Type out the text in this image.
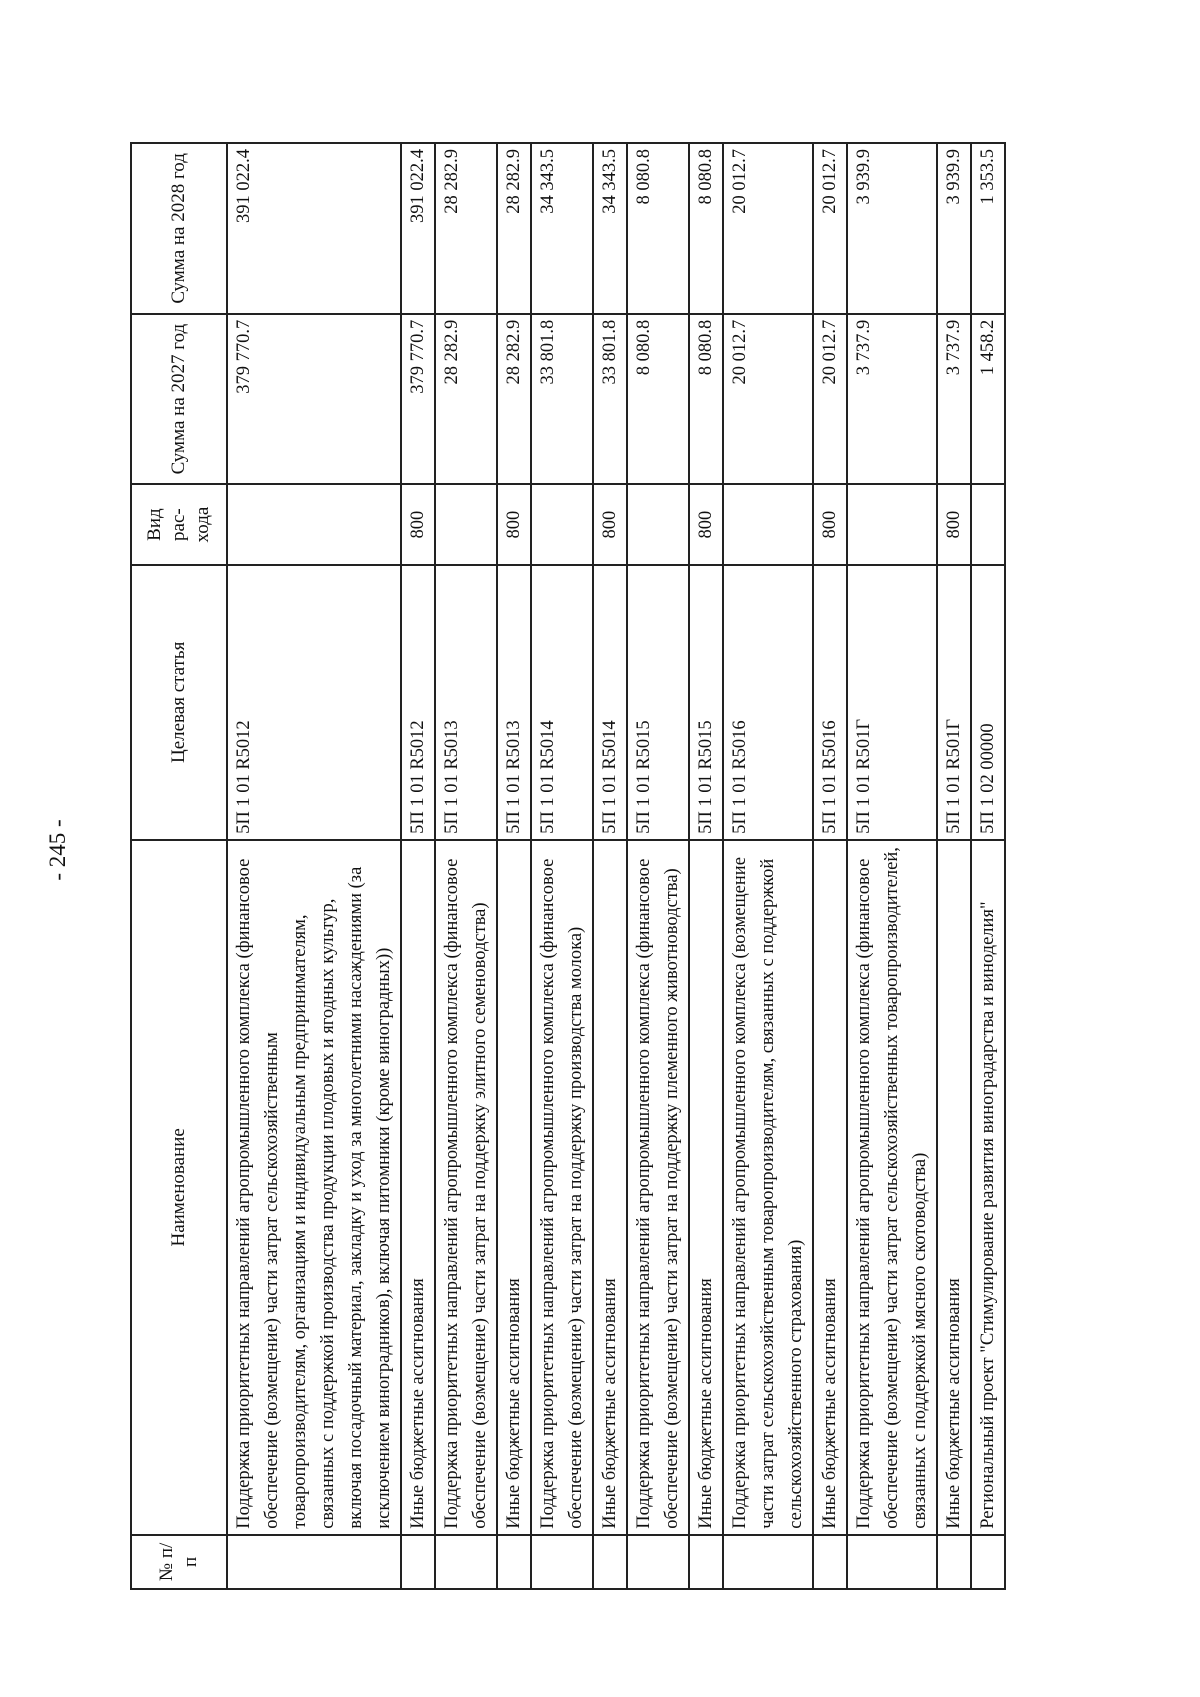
- 245 -
№ п/п	Наименование	Целевая статья	Вид рас-хода	Сумма на 2027 год	Сумма на 2028 год
	Поддержка приоритетных направлений агропромышленного комплекса (финансовое обеспечение (возмещение) части затрат сельскохозяйственным товаропроизводителям, организациям и индивидуальным предпринимателям, связанных с поддержкой производства продукции плодовых и ягодных культур, включая посадочный материал, закладку и уход за многолетними насаждениями (за исключением виноградников), включая питомники (кроме виноградных))	5П 1 01 R5012		379 770.7	391 022.4
	Иные бюджетные ассигнования	5П 1 01 R5012	800	379 770.7	391 022.4
	Поддержка приоритетных направлений агропромышленного комплекса (финансовое обеспечение (возмещение) части затрат на поддержку элитного семеноводства)	5П 1 01 R5013		28 282.9	28 282.9
	Иные бюджетные ассигнования	5П 1 01 R5013	800	28 282.9	28 282.9
	Поддержка приоритетных направлений агропромышленного комплекса (финансовое обеспечение (возмещение) части затрат на поддержку производства молока)	5П 1 01 R5014		33 801.8	34 343.5
	Иные бюджетные ассигнования	5П 1 01 R5014	800	33 801.8	34 343.5
	Поддержка приоритетных направлений агропромышленного комплекса (финансовое обеспечение (возмещение) части затрат на поддержку племенного животноводства)	5П 1 01 R5015		8 080.8	8 080.8
	Иные бюджетные ассигнования	5П 1 01 R5015	800	8 080.8	8 080.8
	Поддержка приоритетных направлений агропромышленного комплекса (возмещение части затрат сельскохозяйственным товаропроизводителям, связанных с поддержкой сельскохозяйственного страхования)	5П 1 01 R5016		20 012.7	20 012.7
	Иные бюджетные ассигнования	5П 1 01 R5016	800	20 012.7	20 012.7
	Поддержка приоритетных направлений агропромышленного комплекса (финансовое обеспечение (возмещение) части затрат сельскохозяйственных товаропроизводителей, связанных с поддержкой мясного скотоводства)	5П 1 01 R501Г		3 737.9	3 939.9
	Иные бюджетные ассигнования	5П 1 01 R501Г	800	3 737.9	3 939.9
	Региональный проект "Стимулирование развития виноградарства и виноделия"	5П 1 02 00000		1 458.2	1 353.5
